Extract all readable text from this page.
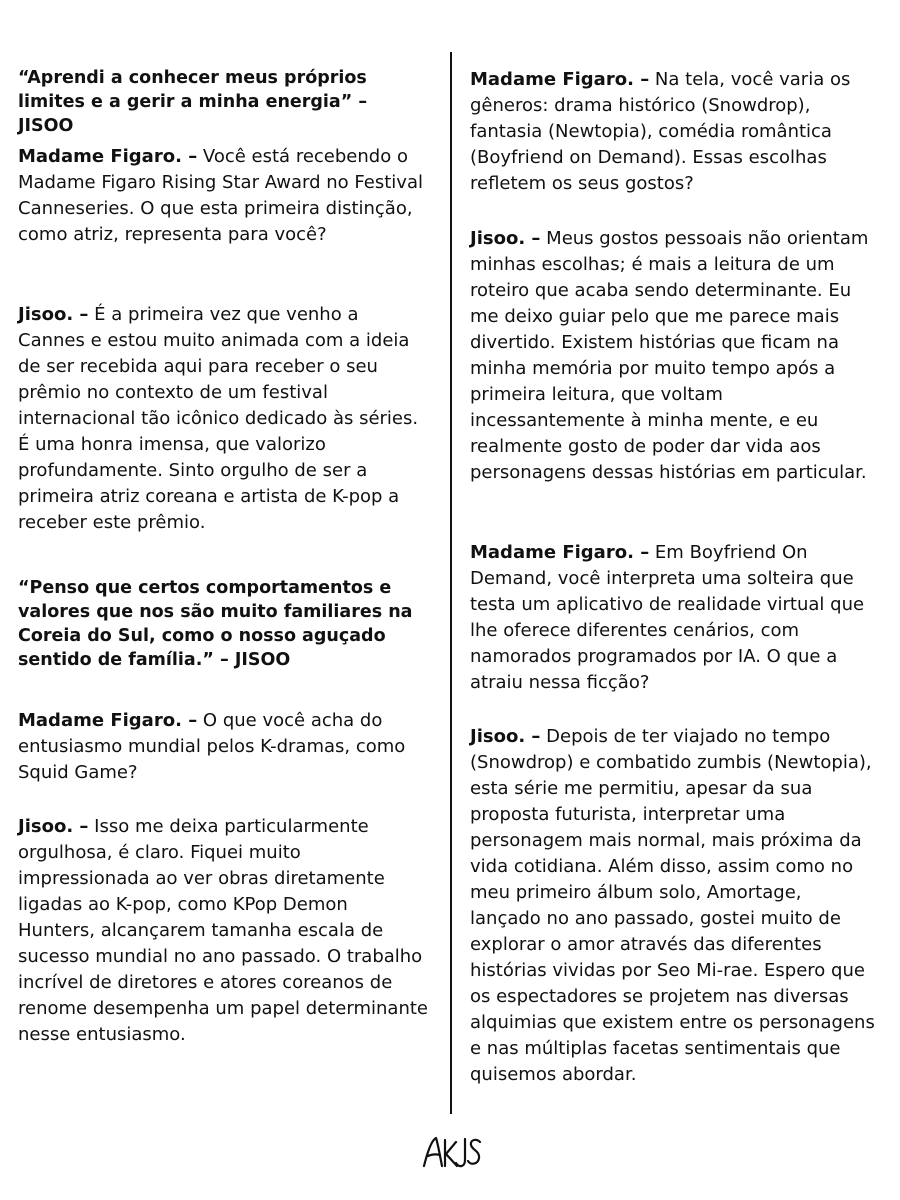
“Aprendi a conhecer meus próprios
limites e a gerir a minha energia” –
JISOO
Madame Figaro. – Você está recebendo o
Madame Figaro Rising Star Award no Festival
Canneseries. O que esta primeira distinção,
como atriz, representa para você?
Jisoo. – É a primeira vez que venho a
Cannes e estou muito animada com a ideia
de ser recebida aqui para receber o seu
prêmio no contexto de um festival
internacional tão icônico dedicado às séries.
É uma honra imensa, que valorizo
profundamente. Sinto orgulho de ser a
primeira atriz coreana e artista de K-pop a
receber este prêmio.
“Penso que certos comportamentos e
valores que nos são muito familiares na
Coreia do Sul, como o nosso aguçado
sentido de família.” – JISOO
Madame Figaro. – O que você acha do
entusiasmo mundial pelos K-dramas, como
Squid Game?
Jisoo. – Isso me deixa particularmente
orgulhosa, é claro. Fiquei muito
impressionada ao ver obras diretamente
ligadas ao K-pop, como KPop Demon
Hunters, alcançarem tamanha escala de
sucesso mundial no ano passado. O trabalho
incrível de diretores e atores coreanos de
renome desempenha um papel determinante
nesse entusiasmo.
Madame Figaro. – Na tela, você varia os
gêneros: drama histórico (Snowdrop),
fantasia (Newtopia), comédia romântica
(Boyfriend on Demand). Essas escolhas
refletem os seus gostos?
Jisoo. – Meus gostos pessoais não orientam
minhas escolhas; é mais a leitura de um
roteiro que acaba sendo determinante. Eu
me deixo guiar pelo que me parece mais
divertido. Existem histórias que ficam na
minha memória por muito tempo após a
primeira leitura, que voltam
incessantemente à minha mente, e eu
realmente gosto de poder dar vida aos
personagens dessas histórias em particular.
Madame Figaro. – Em Boyfriend On
Demand, você interpreta uma solteira que
testa um aplicativo de realidade virtual que
lhe oferece diferentes cenários, com
namorados programados por IA. O que a
atraiu nessa ficção?
Jisoo. – Depois de ter viajado no tempo
(Snowdrop) e combatido zumbis (Newtopia),
esta série me permitiu, apesar da sua
proposta futurista, interpretar uma
personagem mais normal, mais próxima da
vida cotidiana. Além disso, assim como no
meu primeiro álbum solo, Amortage,
lançado no ano passado, gostei muito de
explorar o amor através das diferentes
histórias vividas por Seo Mi-rae. Espero que
os espectadores se projetem nas diversas
alquimias que existem entre os personagens
e nas múltiplas facetas sentimentais que
quisemos abordar.
